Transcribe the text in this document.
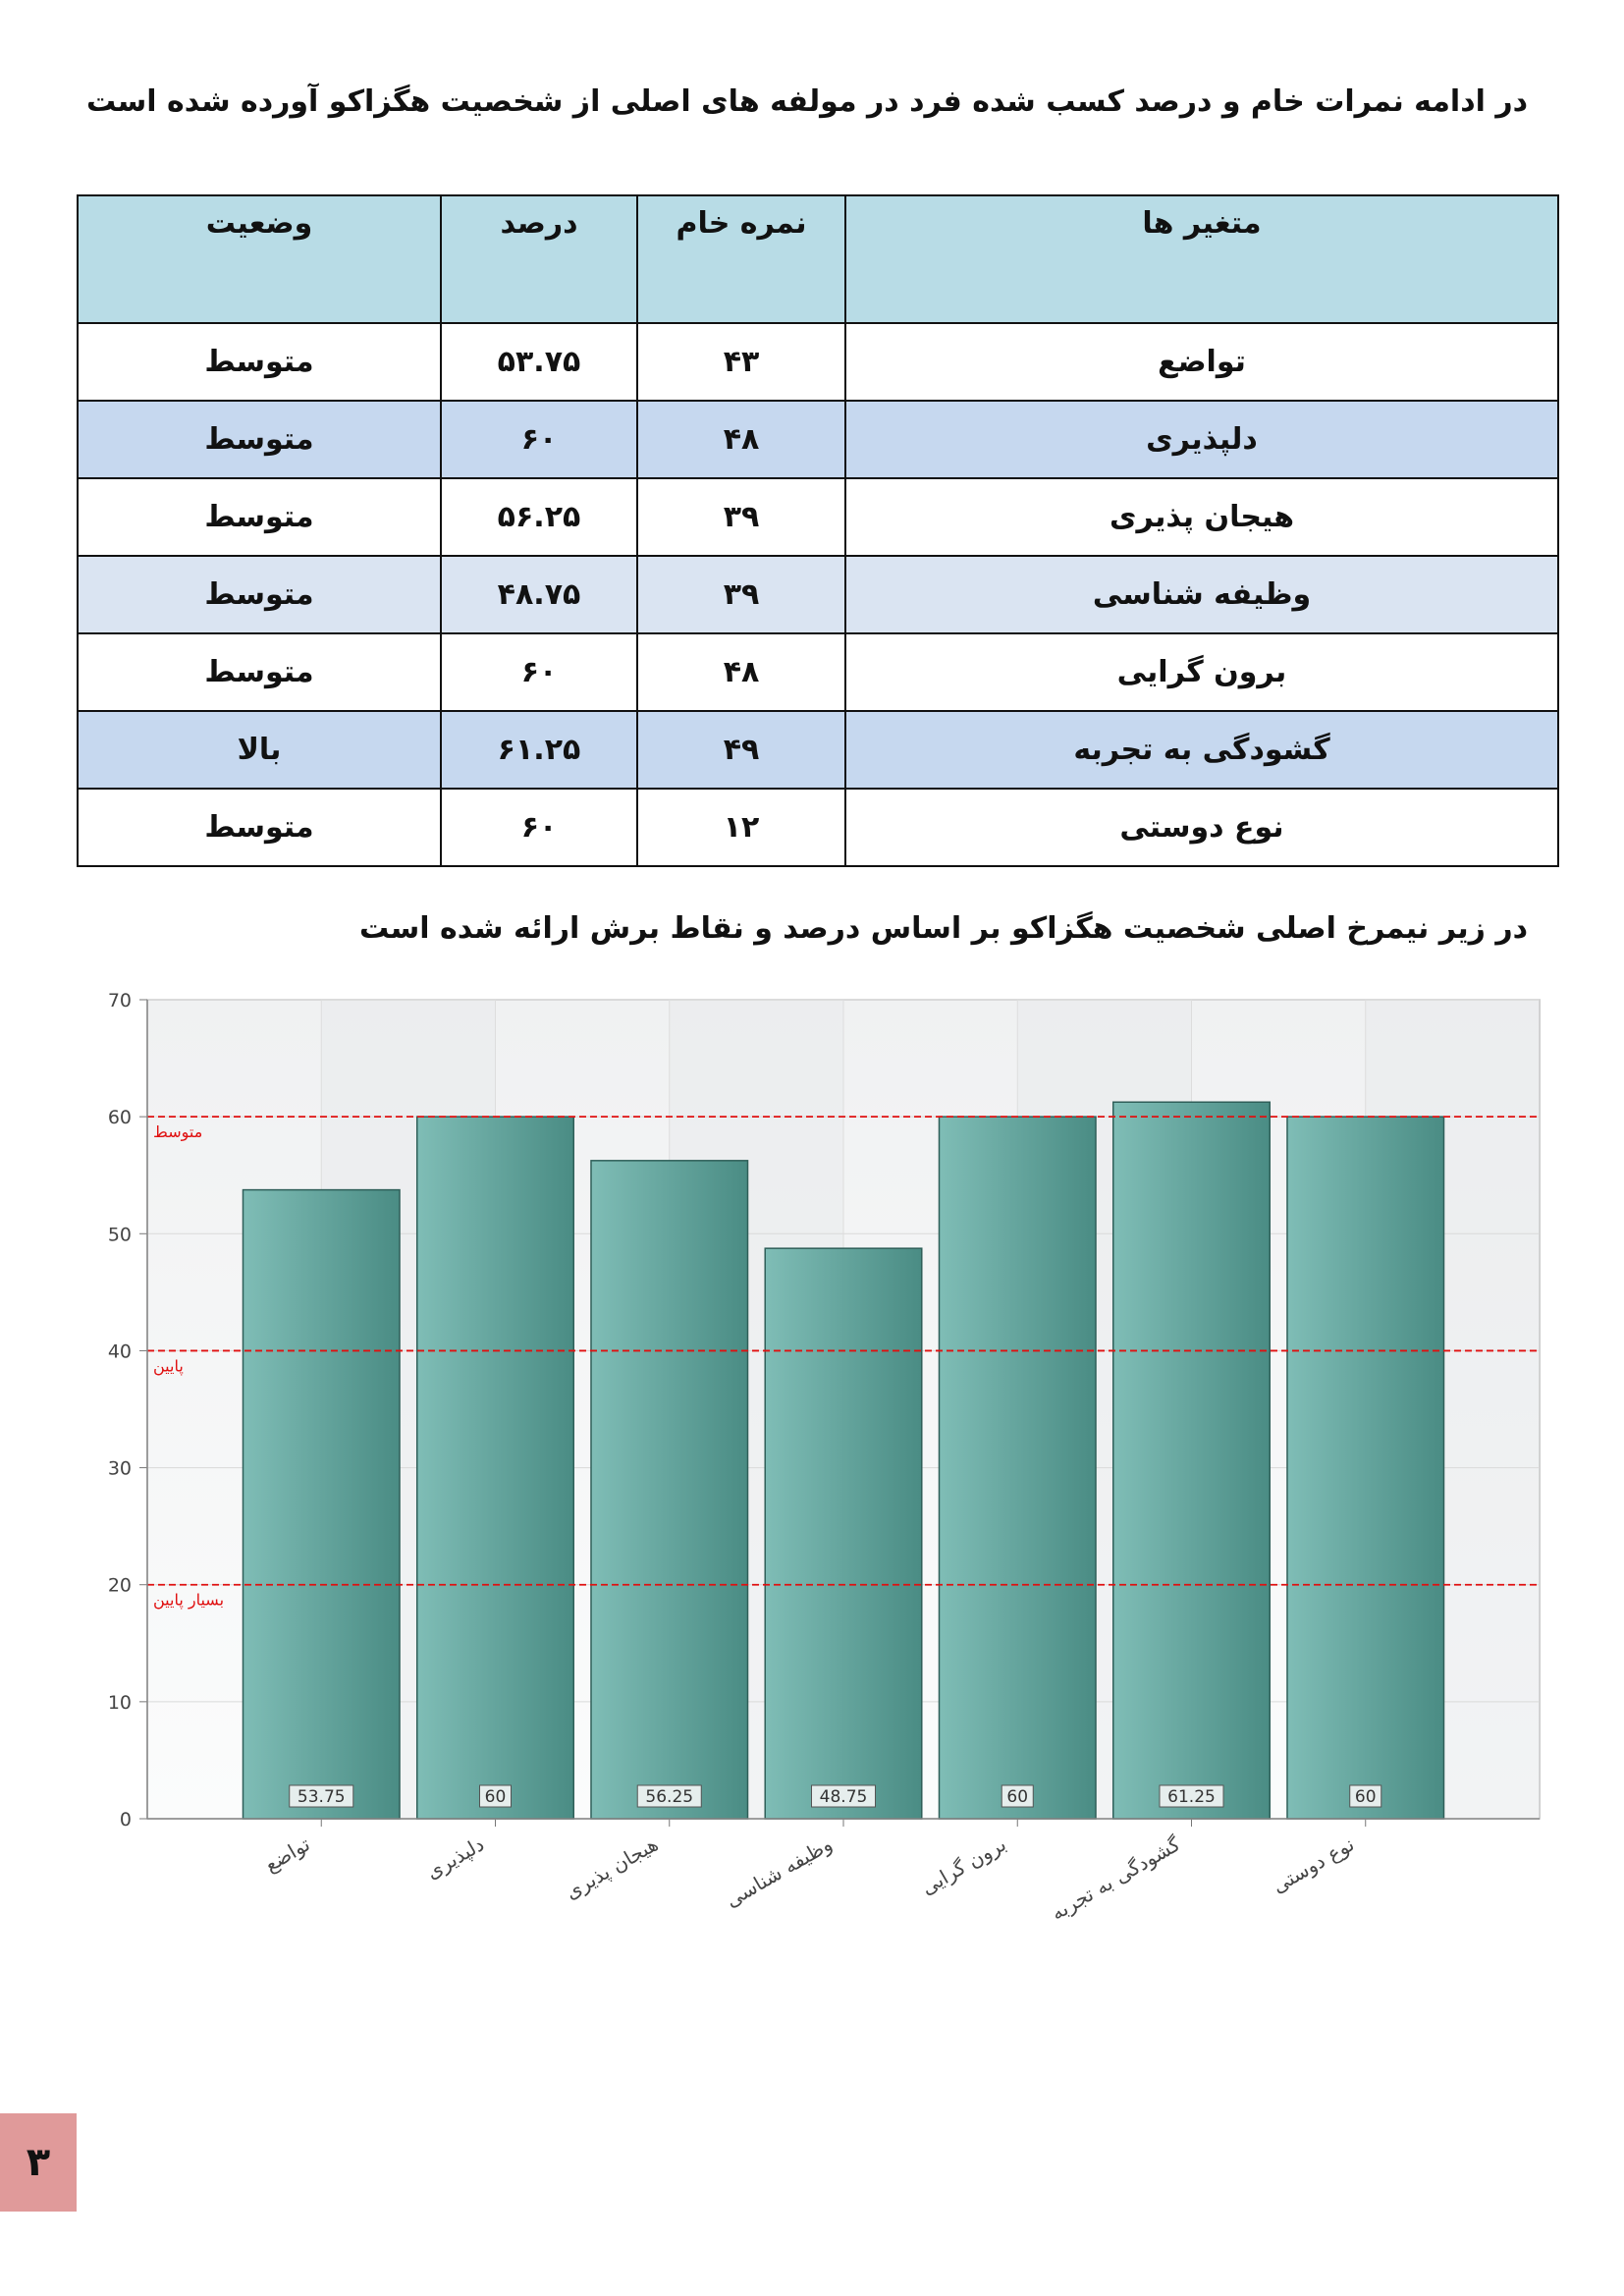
در ادامه نمرات خام و درصد کسب شده فرد در مولفه های اصلی از شخصیت هگزاکو آورده شده است
متغیر ها	نمره خام	درصد	وضعیت
تواضع	۴۳	۵۳.۷۵	متوسط
دلپذیری	۴۸	۶۰	متوسط
هیجان پذیری	۳۹	۵۶.۲۵	متوسط
وظیفه شناسی	۳۹	۴۸.۷۵	متوسط
برون گرایی	۴۸	۶۰	متوسط
گشودگی به تجربه	۴۹	۶۱.۲۵	بالا
نوع دوستی	۱۲	۶۰	متوسط
در زیر نیمرخ اصلی شخصیت هگزاکو بر اساس درصد و نقاط برش ارائه شده است
0
10
20
30
40
50
60
70
53.75
تواضع
60
دلپذیری
56.25
هیجان پذیری
48.75
وظیفه شناسی
60
برون گرایی
61.25
گشودگی به تجربه
60
نوع دوستی
متوسط
پایین
بسیار پایین
۳
